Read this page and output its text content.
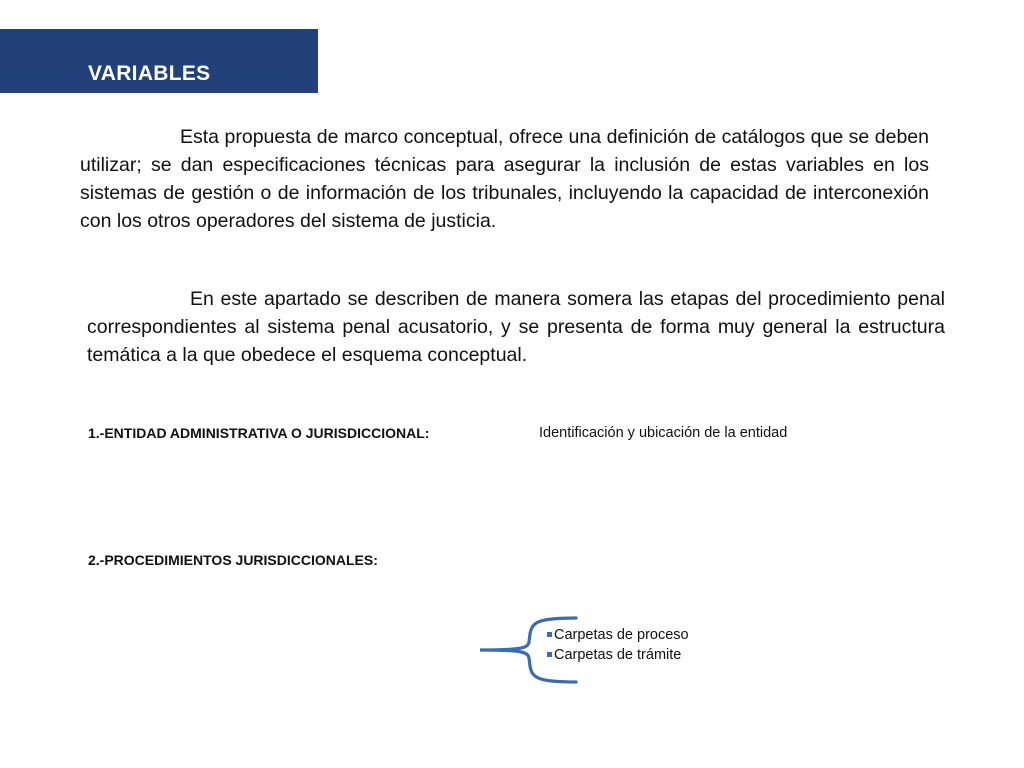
VARIABLES

Esta propuesta de marco conceptual, ofrece una definición de catálogos que se deben utilizar; se dan especificaciones técnicas para asegurar la inclusión de estas variables en los sistemas de gestión o de información de los tribunales, incluyendo la capacidad de interconexión con los otros operadores del sistema de justicia.

En este apartado se describen de manera somera las etapas del procedimiento penal correspondientes al sistema penal acusatorio, y se presenta de forma muy general la estructura temática a la que obedece el esquema conceptual.

1.-ENTIDAD ADMINISTRATIVA O JURISDICCIONAL:	Identificación y ubicación de la entidad
2.-PROCEDIMIENTOS JURISDICCIONALES:
Carpetas de proceso
Carpetas de trámite
